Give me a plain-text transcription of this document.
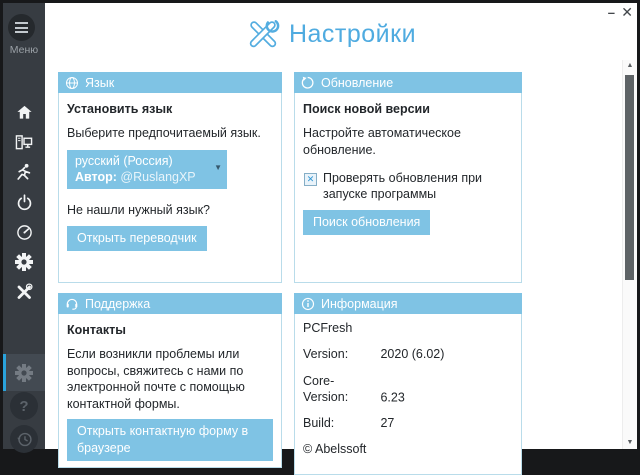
Меню
?
Настройки
– ✕
Язык
Установить язык

Выберите предпочитаемый язык.

русский (Россия)
Автор: @RuslangXP
▼

Не нашли нужный язык?

Открыть переводчик
Обновление
Поиск новой версии

Настройте автоматическое обновление.

✕ Проверять обновления при запуске программы
Поиск обновления
Поддержка
Контакты

Если возникли проблемы или вопросы, свяжитесь с нами по электронной почте с помощью контактной формы.

Открыть контактную форму в браузере
Информация
PCFresh
Version:	2020 (6.02)
Core-Version:	6.23
Build:	27
© Abelssoft
▲
▼
